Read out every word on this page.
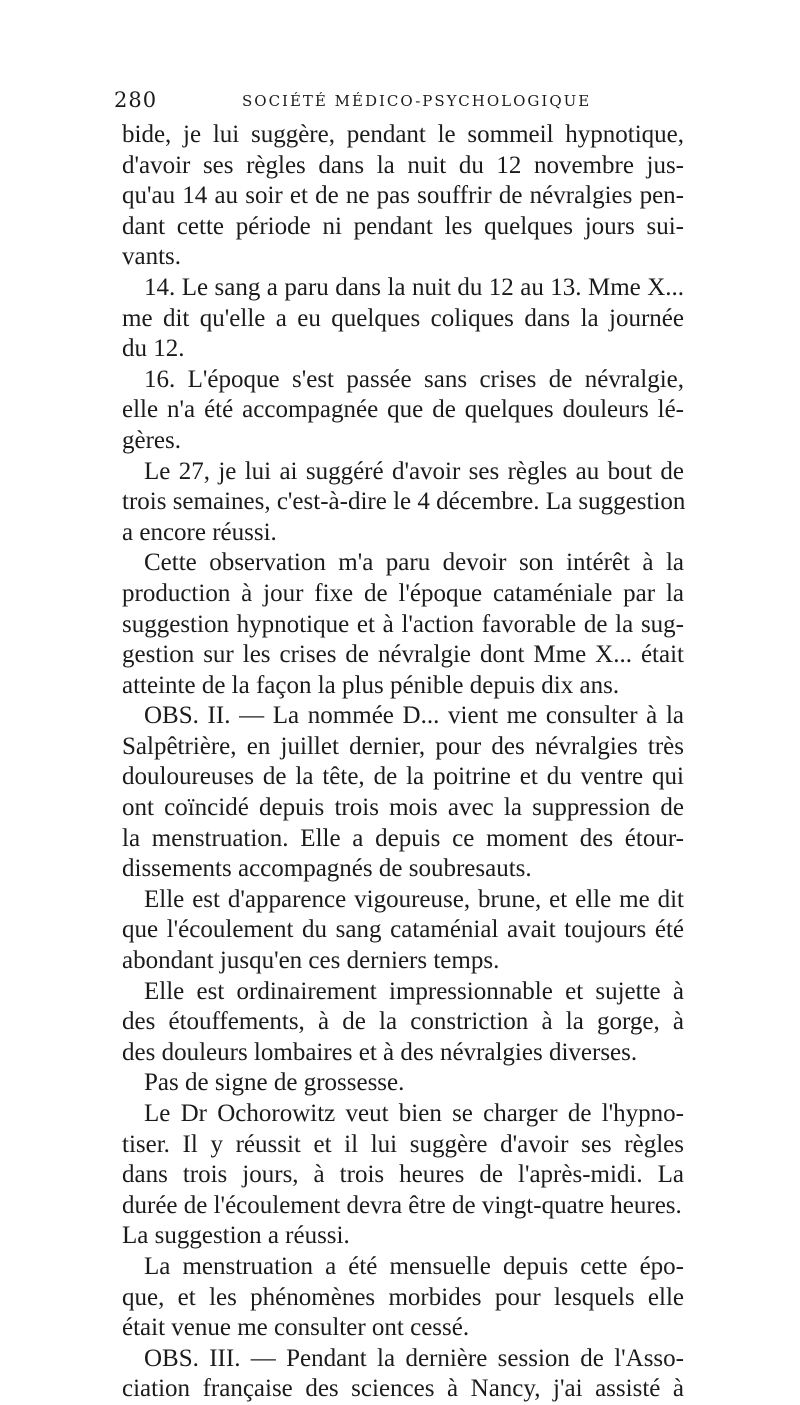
280	SOCIÉTÉ MÉDICO-PSYCHOLOGIQUE
bide, je lui suggère, pendant le sommeil hypnotique,
d'avoir ses règles dans la nuit du 12 novembre jus-
qu'au 14 au soir et de ne pas souffrir de névralgies pen-
dant cette période ni pendant les quelques jours sui-
vants.
14. Le sang a paru dans la nuit du 12 au 13. Mme X...
me dit qu'elle a eu quelques coliques dans la journée
du 12.
16. L'époque s'est passée sans crises de névralgie,
elle n'a été accompagnée que de quelques douleurs lé-
gères.
Le 27, je lui ai suggéré d'avoir ses règles au bout de
trois semaines, c'est-à-dire le 4 décembre. La suggestion
a encore réussi.
Cette observation m'a paru devoir son intérêt à la
production à jour fixe de l'époque cataméniale par la
suggestion hypnotique et à l'action favorable de la sug-
gestion sur les crises de névralgie dont Mme X... était
atteinte de la façon la plus pénible depuis dix ans.
OBS. II. — La nommée D... vient me consulter à la
Salpêtrière, en juillet dernier, pour des névralgies très
douloureuses de la tête, de la poitrine et du ventre qui
ont coïncidé depuis trois mois avec la suppression de
la menstruation. Elle a depuis ce moment des étour-
dissements accompagnés de soubresauts.
Elle est d'apparence vigoureuse, brune, et elle me dit
que l'écoulement du sang cataménial avait toujours été
abondant jusqu'en ces derniers temps.
Elle est ordinairement impressionnable et sujette à
des étouffements, à de la constriction à la gorge, à
des douleurs lombaires et à des névralgies diverses.
Pas de signe de grossesse.
Le Dr Ochorowitz veut bien se charger de l'hypno-
tiser. Il y réussit et il lui suggère d'avoir ses règles
dans trois jours, à trois heures de l'après-midi. La
durée de l'écoulement devra être de vingt-quatre heures.
La suggestion a réussi.
La menstruation a été mensuelle depuis cette épo-
que, et les phénomènes morbides pour lesquels elle
était venue me consulter ont cessé.
OBS. III. — Pendant la dernière session de l'Asso-
ciation française des sciences à Nancy, j'ai assisté à
